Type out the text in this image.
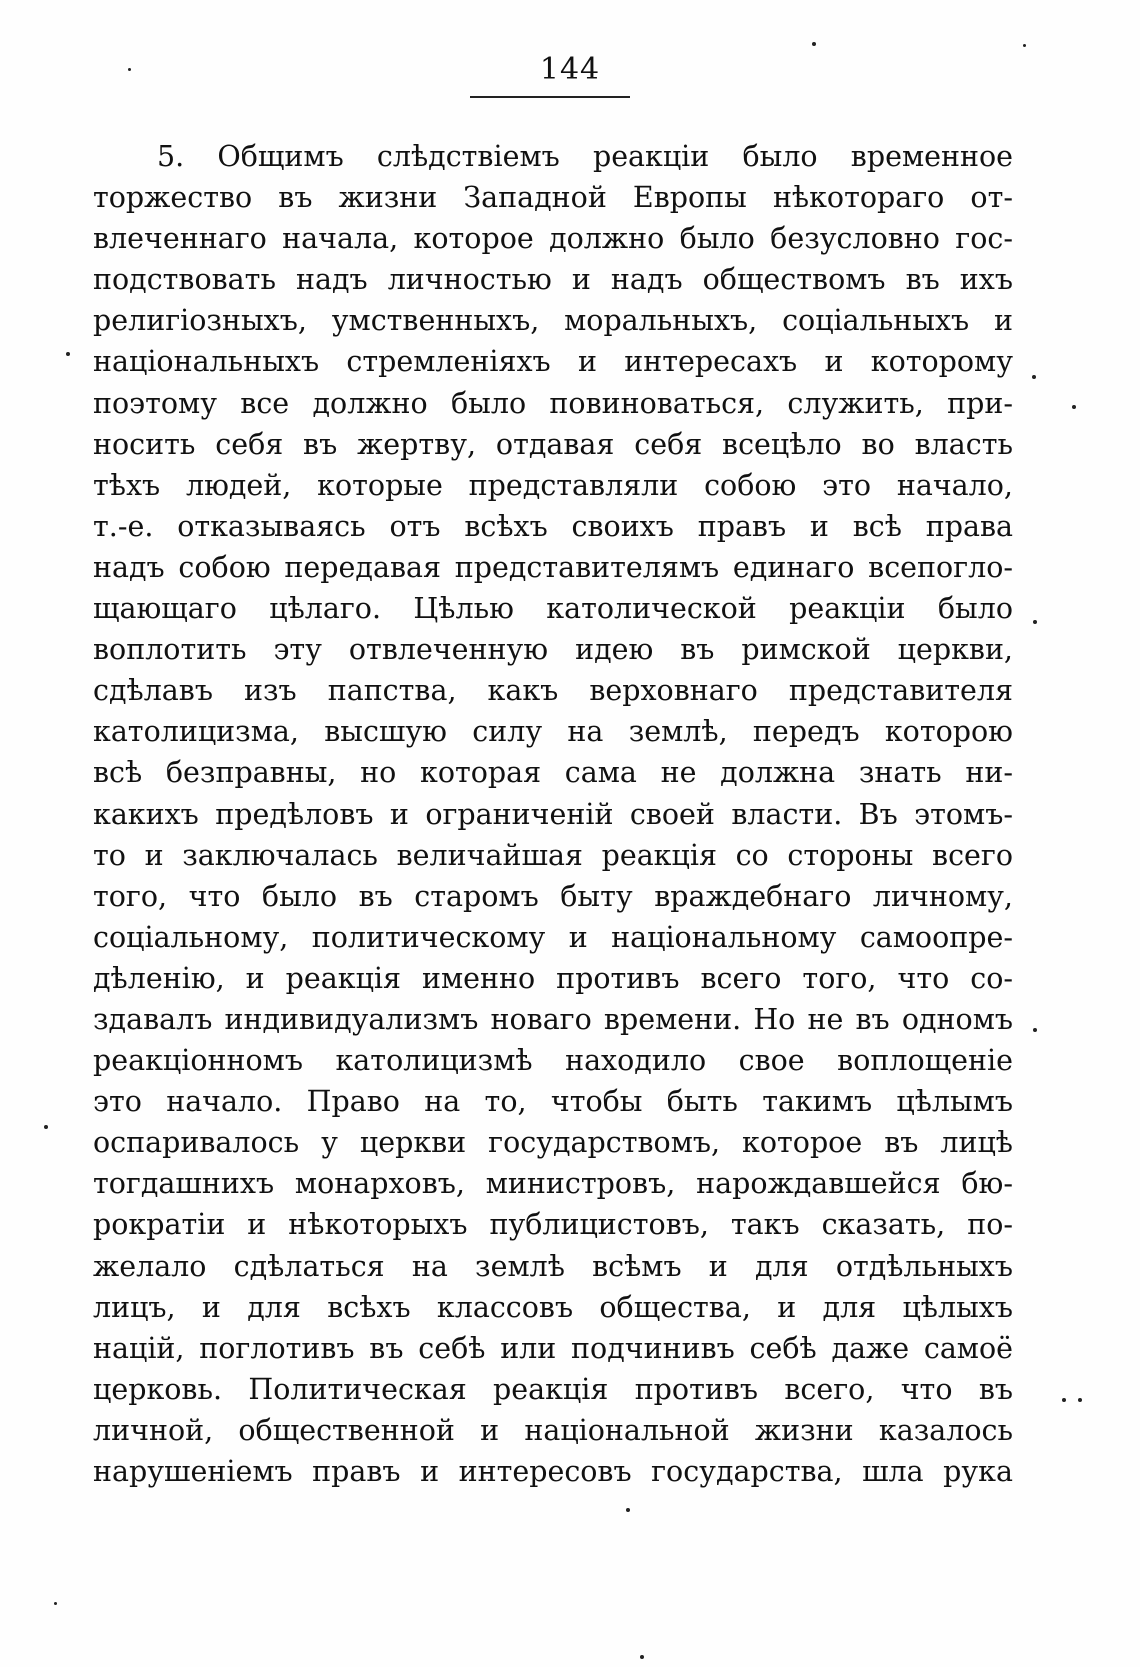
144
5. Общимъ слѣдствіемъ реакціи было временное
торжество въ жизни Западной Европы нѣкотораго от-
влеченнаго начала, которое должно было безусловно гос-
подствовать надъ личностью и надъ обществомъ въ ихъ
религіозныхъ, умственныхъ, моральныхъ, соціальныхъ и
національныхъ стремленіяхъ и интересахъ и которому
поэтому все должно было повиноваться, служить, при-
носить себя въ жертву, отдавая себя всецѣло во власть
тѣхъ людей, которые представляли собою это начало,
т.-е. отказываясь отъ всѣхъ своихъ правъ и всѣ права
надъ собою передавая представителямъ единаго всепогло-
щающаго цѣлаго. Цѣлью католической реакціи было
воплотить эту отвлеченную идею въ римской церкви,
сдѣлавъ изъ папства, какъ верховнаго представителя
католицизма, высшую силу на землѣ, передъ которою
всѣ безправны, но которая сама не должна знать ни-
какихъ предѣловъ и ограниченій своей власти. Въ этомъ-
то и заключалась величайшая реакція со стороны всего
того, что было въ старомъ быту враждебнаго личному,
соціальному, политическому и національному самоопре-
дѣленію, и реакція именно противъ всего того, что со-
здавалъ индивидуализмъ новаго времени. Но не въ одномъ
реакціонномъ католицизмѣ находило свое воплощеніе
это начало. Право на то, чтобы быть такимъ цѣлымъ
оспаривалось у церкви государствомъ, которое въ лицѣ
тогдашнихъ монарховъ, министровъ, нарождавшейся бю-
рократіи и нѣкоторыхъ публицистовъ, такъ сказать, по-
желало сдѣлаться на землѣ всѣмъ и для отдѣльныхъ
лицъ, и для всѣхъ классовъ общества, и для цѣлыхъ
націй, поглотивъ въ себѣ или подчинивъ себѣ даже самоё
церковь. Политическая реакція противъ всего, что въ
личной, общественной и національной жизни казалось
нарушеніемъ правъ и интересовъ государства, шла рука
